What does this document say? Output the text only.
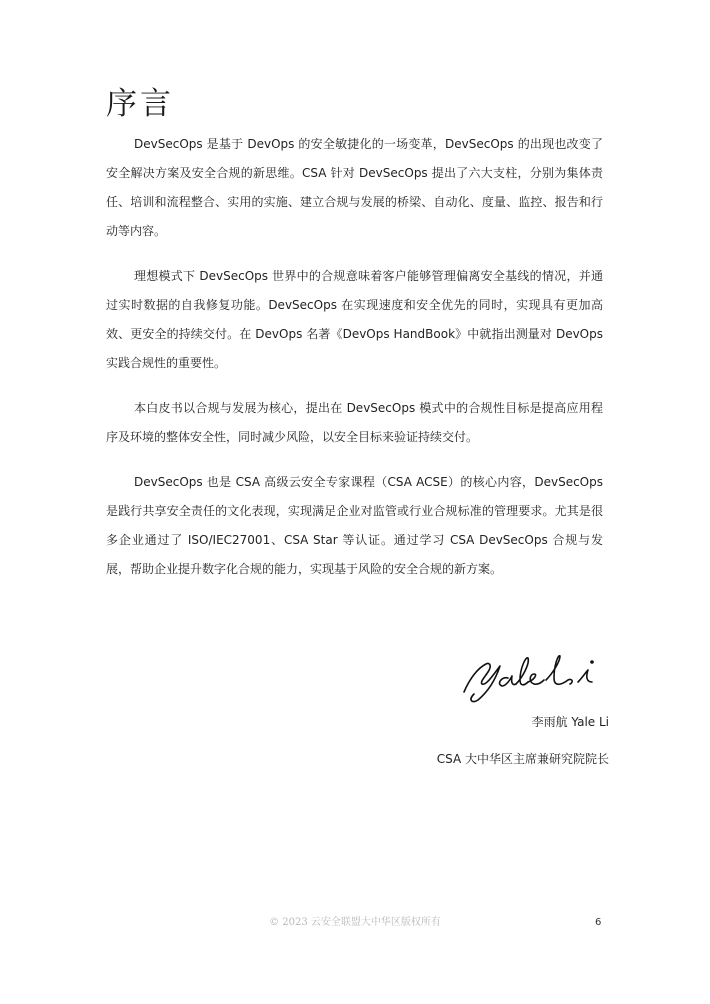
序言

DevSecOps 是基于 DevOps 的安全敏捷化的一场变革，DevSecOps 的出现也改变了安全解决方案及安全合规的新思维。CSA 针对 DevSecOps 提出了六大支柱，分别为集体责任、培训和流程整合、实用的实施、建立合规与发展的桥梁、自动化、度量、监控、报告和行动等内容。

理想模式下 DevSecOps 世界中的合规意味着客户能够管理偏离安全基线的情况，并通过实时数据的自我修复功能。DevSecOps 在实现速度和安全优先的同时，实现具有更加高效、更安全的持续交付。在 DevOps 名著《DevOps HandBook》中就指出测量对 DevOps 实践合规性的重要性。

本白皮书以合规与发展为核心，提出在 DevSecOps 模式中的合规性目标是提高应用程序及环境的整体安全性，同时减少风险，以安全目标来验证持续交付。

DevSecOps 也是 CSA 高级云安全专家课程（CSA ACSE）的核心内容，DevSecOps 是践行共享安全责任的文化表现，实现满足企业对监管或行业合规标准的管理要求。尤其是很多企业通过了 ISO/IEC27001、CSA Star 等认证。通过学习 CSA DevSecOps 合规与发展，帮助企业提升数字化合规的能力，实现基于风险的安全合规的新方案。

李雨航 Yale Li
CSA 大中华区主席兼研究院院长
© 2023 云安全联盟大中华区版权所有	6
